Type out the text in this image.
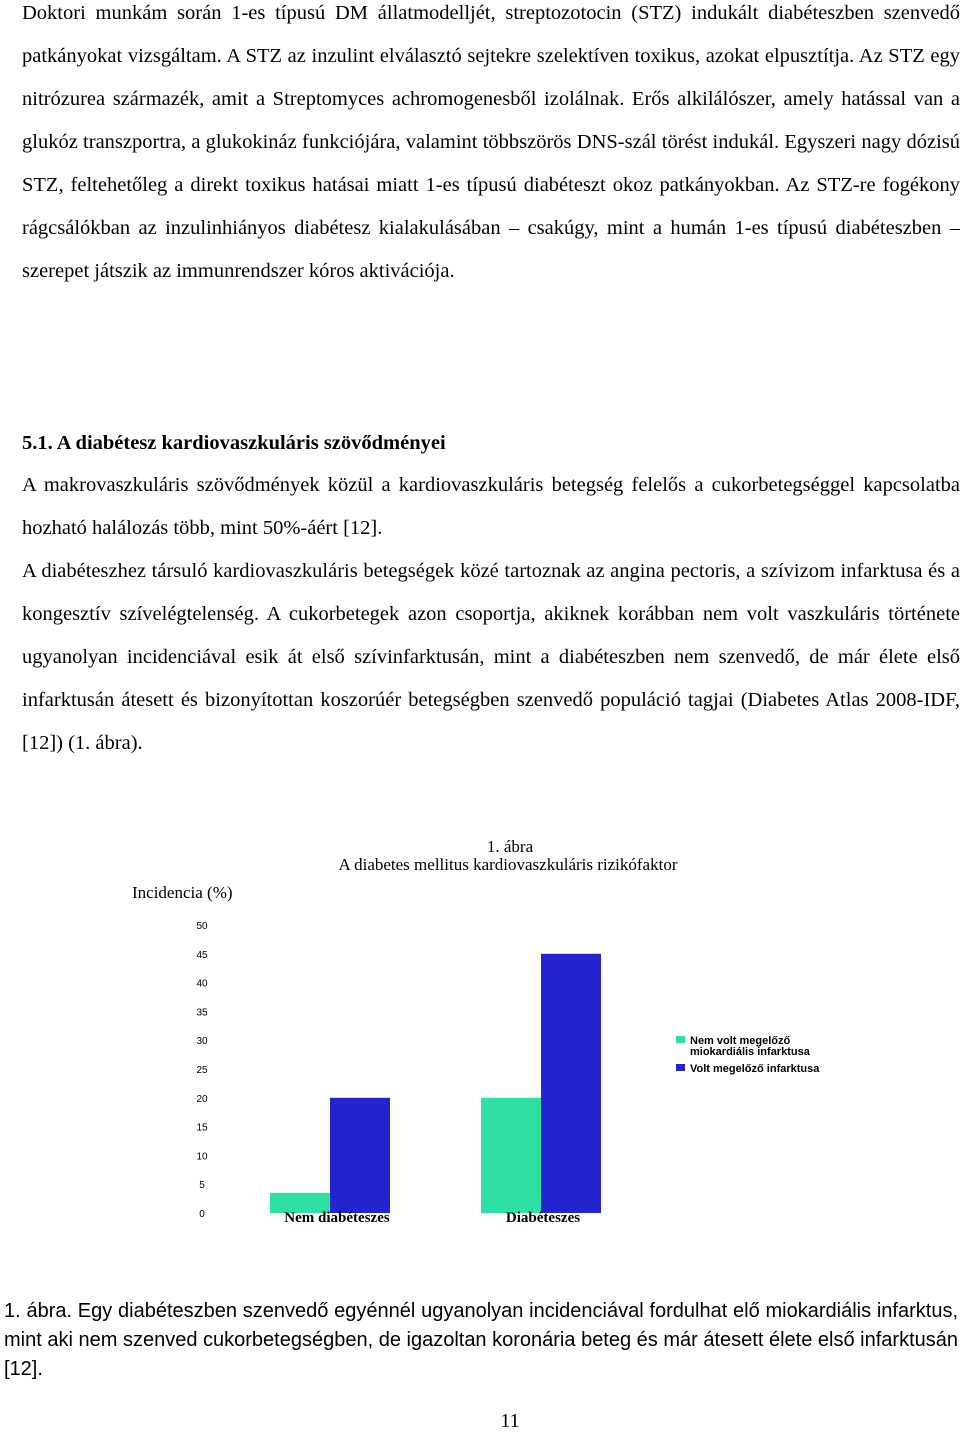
Doktori munkám során 1-es típusú DM állatmodelljét, streptozotocin (STZ) indukált diabéteszben szenvedő patkányokat vizsgáltam. A STZ az inzulint elválasztó sejtekre szelektíven toxikus, azokat elpusztítja. Az STZ egy nitrózurea származék, amit a Streptomyces achromogenesből izolálnak. Erős alkilálószer, amely hatással van a glukóz transzportra, a glukokináz funkciójára, valamint többszörös DNS-szál törést indukál. Egyszeri nagy dózisú STZ, feltehetőleg a direkt toxikus hatásai miatt 1-es típusú diabéteszt okoz patkányokban. Az STZ-re fogékony rágcsálókban az inzulinhiányos diabétesz kialakulásában – csakúgy, mint a humán 1-es típusú diabéteszben – szerepet játszik az immunrendszer kóros aktivációja.

5.1. A diabétesz kardiovaszkuláris szövődményei

A makrovaszkuláris szövődmények közül a kardiovaszkuláris betegség felelős a cukorbetegséggel kapcsolatba hozható halálozás több, mint 50%-áért [12].

A diabéteszhez társuló kardiovaszkuláris betegségek közé tartoznak az angina pectoris, a szívizom infarktusa és a kongesztív szívelégtelenség. A cukorbetegek azon csoportja, akiknek korábban nem volt vaszkuláris története ugyanolyan incidenciával esik át első szívinfarktusán, mint a diabéteszben nem szenvedő, de már élete első infarktusán átesett és bizonyítottan koszorúér betegségben szenvedő populáció tagjai (Diabetes Atlas 2008-IDF, [12]) (1. ábra).

1. ábra
A diabetes mellitus kardiovaszkuláris rizikófaktor
Incidencia (%)
0
5
10
15
20
25
30
35
40
45
50
Nem diabéteszes	Diabéteszes
Nem volt megelőző
miokardiális infarktusa
Volt megelőző infarktusa

1. ábra. Egy diabéteszben szenvedő egyénnél ugyanolyan incidenciával fordulhat elő miokardiális infarktus, mint aki nem szenved cukorbetegségben, de igazoltan koronária beteg és már átesett élete első infarktusán [12].

11
